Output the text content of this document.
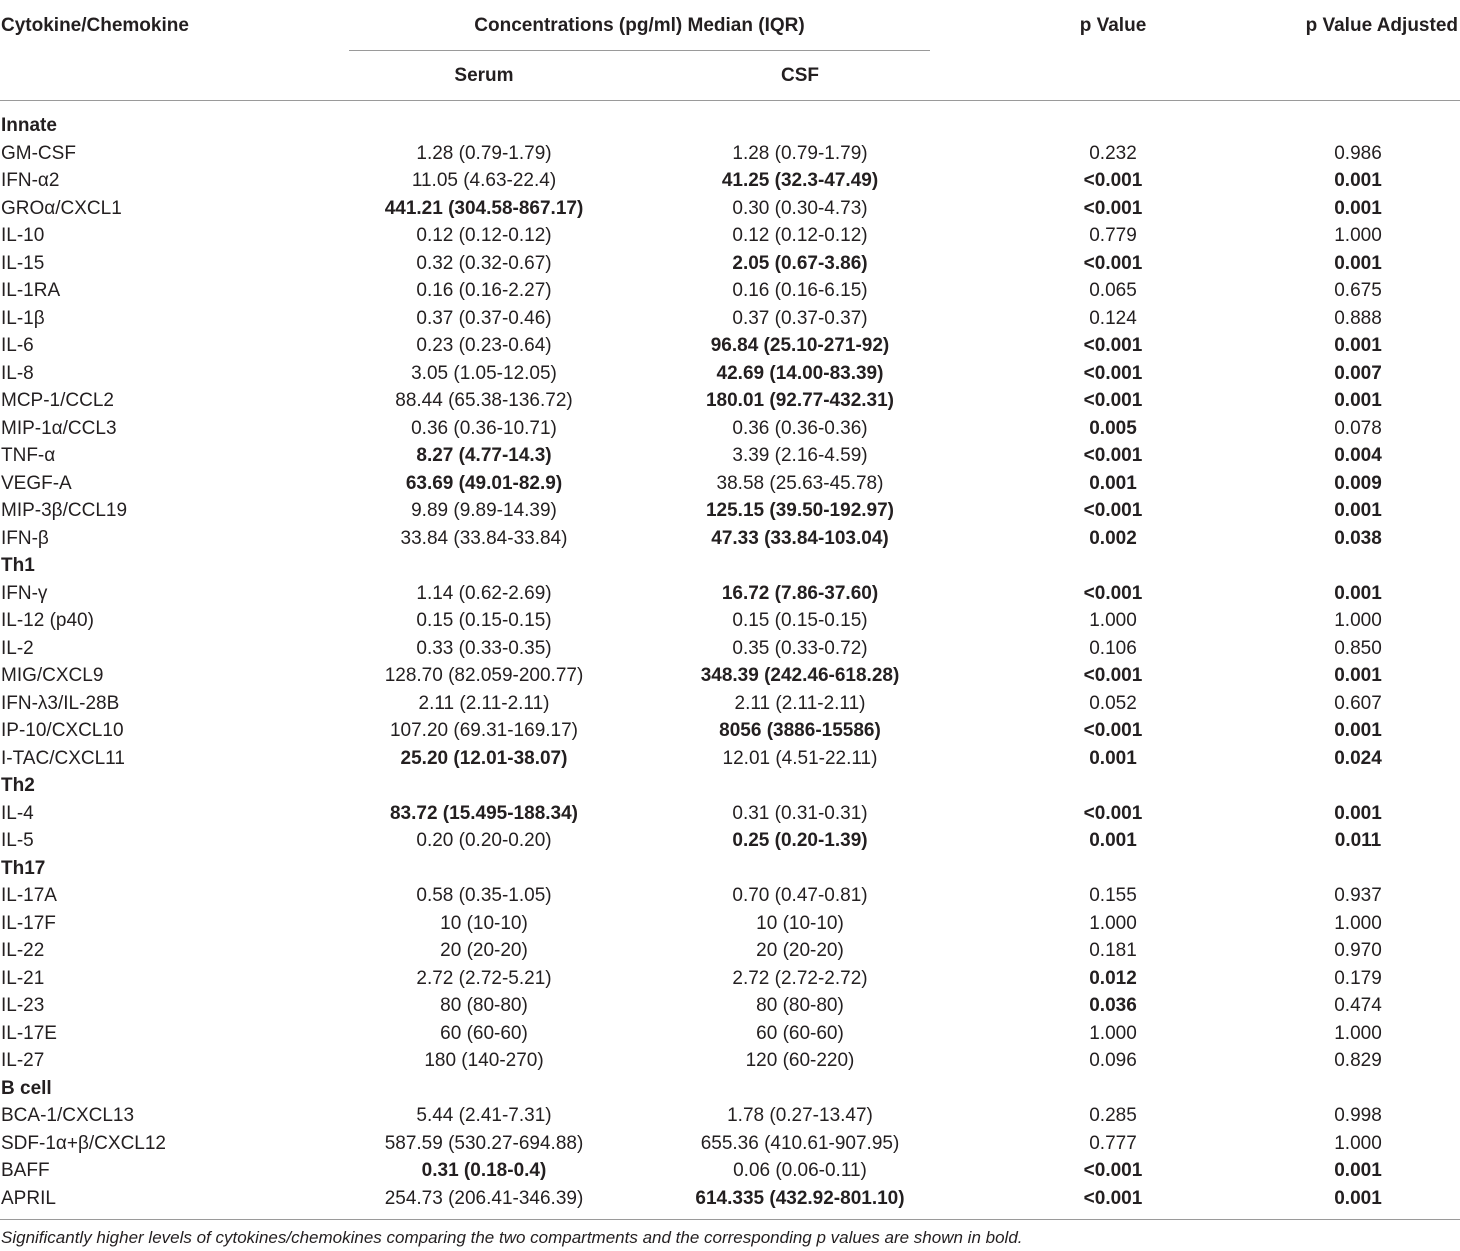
Cytokine/Chemokine	Concentrations (pg/ml) Median (IQR)	p Value	p Value Adjusted
Serum	CSF
Innate
GM-CSF	1.28 (0.79-1.79)	1.28 (0.79-1.79)	0.232	0.986
IFN-α2	11.05 (4.63-22.4)	41.25 (32.3-47.49)	<0.001	0.001
GROα/CXCL1	441.21 (304.58-867.17)	0.30 (0.30-4.73)	<0.001	0.001
IL-10	0.12 (0.12-0.12)	0.12 (0.12-0.12)	0.779	1.000
IL-15	0.32 (0.32-0.67)	2.05 (0.67-3.86)	<0.001	0.001
IL-1RA	0.16 (0.16-2.27)	0.16 (0.16-6.15)	0.065	0.675
IL-1β	0.37 (0.37-0.46)	0.37 (0.37-0.37)	0.124	0.888
IL-6	0.23 (0.23-0.64)	96.84 (25.10-271-92)	<0.001	0.001
IL-8	3.05 (1.05-12.05)	42.69 (14.00-83.39)	<0.001	0.007
MCP-1/CCL2	88.44 (65.38-136.72)	180.01 (92.77-432.31)	<0.001	0.001
MIP-1α/CCL3	0.36 (0.36-10.71)	0.36 (0.36-0.36)	0.005	0.078
TNF-α	8.27 (4.77-14.3)	3.39 (2.16-4.59)	<0.001	0.004
VEGF-A	63.69 (49.01-82.9)	38.58 (25.63-45.78)	0.001	0.009
MIP-3β/CCL19	9.89 (9.89-14.39)	125.15 (39.50-192.97)	<0.001	0.001
IFN-β	33.84 (33.84-33.84)	47.33 (33.84-103.04)	0.002	0.038
Th1
IFN-γ	1.14 (0.62-2.69)	16.72 (7.86-37.60)	<0.001	0.001
IL-12 (p40)	0.15 (0.15-0.15)	0.15 (0.15-0.15)	1.000	1.000
IL-2	0.33 (0.33-0.35)	0.35 (0.33-0.72)	0.106	0.850
MIG/CXCL9	128.70 (82.059-200.77)	348.39 (242.46-618.28)	<0.001	0.001
IFN-λ3/IL-28B	2.11 (2.11-2.11)	2.11 (2.11-2.11)	0.052	0.607
IP-10/CXCL10	107.20 (69.31-169.17)	8056 (3886-15586)	<0.001	0.001
I-TAC/CXCL11	25.20 (12.01-38.07)	12.01 (4.51-22.11)	0.001	0.024
Th2
IL-4	83.72 (15.495-188.34)	0.31 (0.31-0.31)	<0.001	0.001
IL-5	0.20 (0.20-0.20)	0.25 (0.20-1.39)	0.001	0.011
Th17
IL-17A	0.58 (0.35-1.05)	0.70 (0.47-0.81)	0.155	0.937
IL-17F	10 (10-10)	10 (10-10)	1.000	1.000
IL-22	20 (20-20)	20 (20-20)	0.181	0.970
IL-21	2.72 (2.72-5.21)	2.72 (2.72-2.72)	0.012	0.179
IL-23	80 (80-80)	80 (80-80)	0.036	0.474
IL-17E	60 (60-60)	60 (60-60)	1.000	1.000
IL-27	180 (140-270)	120 (60-220)	0.096	0.829
B cell
BCA-1/CXCL13	5.44 (2.41-7.31)	1.78 (0.27-13.47)	0.285	0.998
SDF-1α+β/CXCL12	587.59 (530.27-694.88)	655.36 (410.61-907.95)	0.777	1.000
BAFF	0.31 (0.18-0.4)	0.06 (0.06-0.11)	<0.001	0.001
APRIL	254.73 (206.41-346.39)	614.335 (432.92-801.10)	<0.001	0.001
Significantly higher levels of cytokines/chemokines comparing the two compartments and the corresponding p values are shown in bold.
